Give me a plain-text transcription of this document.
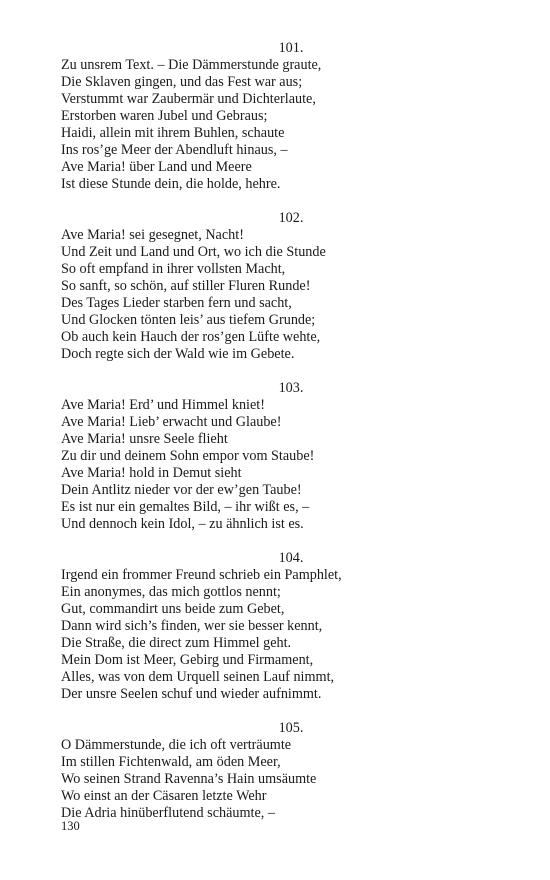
101.
Zu unsrem Text. – Die Dämmerstunde graute,
Die Sklaven gingen, und das Fest war aus;
Verstummt war Zaubermär und Dichterlaute,
Erstorben waren Jubel und Gebraus;
Haidi, allein mit ihrem Buhlen, schaute
Ins ros’ge Meer der Abendluft hinaus, –
Ave Maria! über Land und Meere
Ist diese Stunde dein, die holde, hehre.
102.
Ave Maria! sei gesegnet, Nacht!
Und Zeit und Land und Ort, wo ich die Stunde
So oft empfand in ihrer vollsten Macht,
So sanft, so schön, auf stiller Fluren Runde!
Des Tages Lieder starben fern und sacht,
Und Glocken tönten leis’ aus tiefem Grunde;
Ob auch kein Hauch der ros’gen Lüfte wehte,
Doch regte sich der Wald wie im Gebete.
103.
Ave Maria! Erd’ und Himmel kniet!
Ave Maria! Lieb’ erwacht und Glaube!
Ave Maria! unsre Seele flieht
Zu dir und deinem Sohn empor vom Staube!
Ave Maria! hold in Demut sieht
Dein Antlitz nieder vor der ew’gen Taube!
Es ist nur ein gemaltes Bild, – ihr wißt es, –
Und dennoch kein Idol, – zu ähnlich ist es.
104.
Irgend ein frommer Freund schrieb ein Pamphlet,
Ein anonymes, das mich gottlos nennt;
Gut, commandirt uns beide zum Gebet,
Dann wird sich’s finden, wer sie besser kennt,
Die Straße, die direct zum Himmel geht.
Mein Dom ist Meer, Gebirg und Firmament,
Alles, was von dem Urquell seinen Lauf nimmt,
Der unsre Seelen schuf und wieder aufnimmt.
105.
O Dämmerstunde, die ich oft verträumte
Im stillen Fichtenwald, am öden Meer,
Wo seinen Strand Ravenna’s Hain umsäumte
Wo einst an der Cäsaren letzte Wehr
Die Adria hinüberflutend schäumte, –
130
